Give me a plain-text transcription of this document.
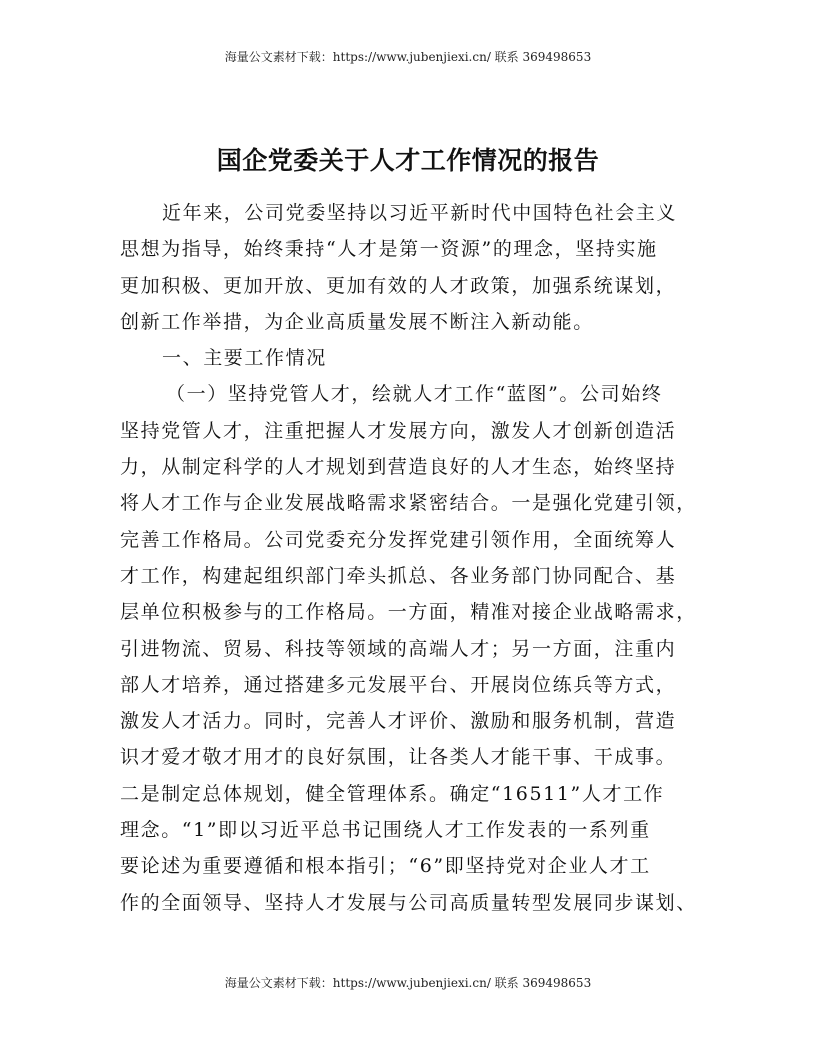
海量公文素材下载：https://www.jubenjiexi.cn/ 联系 369498653
国企党委关于人才工作情况的报告
近年来，公司党委坚持以习近平新时代中国特色社会主义
思想为指导，始终秉持“人才是第一资源”的理念，坚持实施
更加积极、更加开放、更加有效的人才政策，加强系统谋划，
创新工作举措，为企业高质量发展不断注入新动能。
一、主要工作情况
（一）坚持党管人才，绘就人才工作“蓝图”。公司始终
坚持党管人才，注重把握人才发展方向，激发人才创新创造活
力，从制定科学的人才规划到营造良好的人才生态，始终坚持
将人才工作与企业发展战略需求紧密结合。一是强化党建引领，
完善工作格局。公司党委充分发挥党建引领作用，全面统筹人
才工作，构建起组织部门牵头抓总、各业务部门协同配合、基
层单位积极参与的工作格局。一方面，精准对接企业战略需求，
引进物流、贸易、科技等领域的高端人才；另一方面，注重内
部人才培养，通过搭建多元发展平台、开展岗位练兵等方式，
激发人才活力。同时，完善人才评价、激励和服务机制，营造
识才爱才敬才用才的良好氛围，让各类人才能干事、干成事。
二是制定总体规划，健全管理体系。确定“16511”人才工作
理念。“1”即以习近平总书记围绕人才工作发表的一系列重
要论述为重要遵循和根本指引；“6”即坚持党对企业人才工
作的全面领导、坚持人才发展与公司高质量转型发展同步谋划、
海量公文素材下载：https://www.jubenjiexi.cn/ 联系 369498653
